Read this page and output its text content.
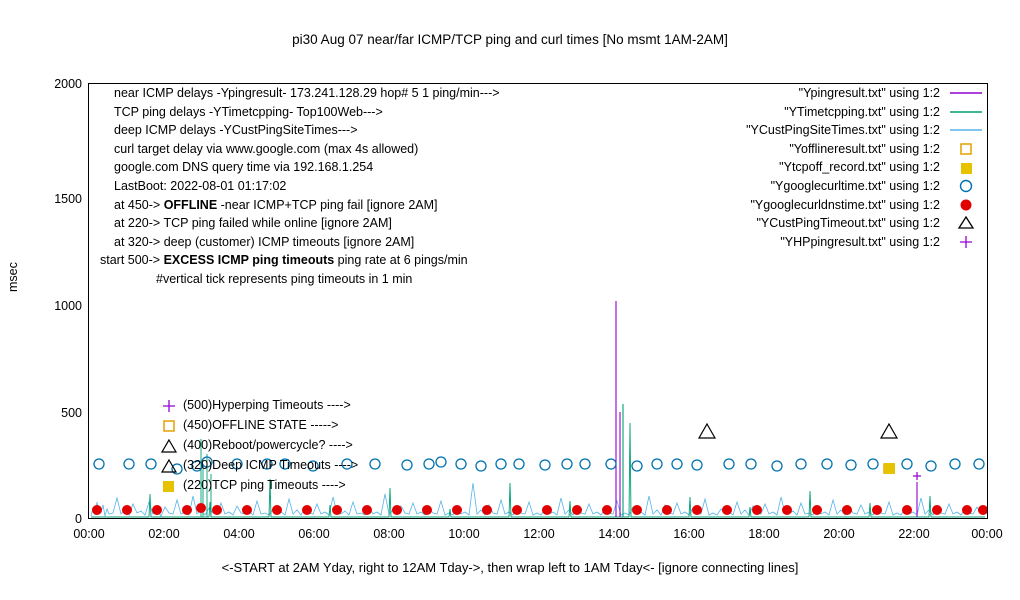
pi30 Aug 07 near/far ICMP/TCP ping and curl times [No msmt 1AM-2AM]
msec
0
500
1000
1500
2000
near ICMP delays -Ypingresult- 173.241.128.29 hop# 5 1 ping/min--->
TCP ping delays -YTimetcpping- Top100Web--->
deep ICMP delays -YCustPingSiteTimes--->
curl target delay via www.google.com (max 4s allowed)
google.com DNS query time via 192.168.1.254
LastBoot: 2022-08-01 01:17:02
at 450-> OFFLINE -near ICMP+TCP ping fail [ignore 2AM]
at 220-> TCP ping failed while online [ignore 2AM]
at 320-> deep (customer) ICMP timeouts [ignore 2AM]
start 500-> EXCESS ICMP ping timeouts ping rate at 6 pings/min
#vertical tick represents ping timeouts in 1 min
"Ypingresult.txt" using 1:2
"YTimetcpping.txt" using 1:2
"YCustPingSiteTimes.txt" using 1:2
"Yofflineresult.txt" using 1:2
"Ytcpoff_record.txt" using 1:2
"Ygooglecurltime.txt" using 1:2
"Ygooglecurldnstime.txt" using 1:2
"YCustPingTimeout.txt" using 1:2
"YHPpingresult.txt" using 1:2
(500)Hyperping Timeouts ---->
(450)OFFLINE STATE ----->
(400)Reboot/powercycle? ---->
(320)Deep ICMP Timeouts ---->
(220)TCP ping Timeouts ---->
00:00	02:00	04:00	06:00	08:00	10:00	12:00	14:00	16:00	18:00	20:00	22:00	00:00
<-START at 2AM Yday, right to 12AM Tday->, then wrap left to 1AM Tday<- [ignore connecting lines]
